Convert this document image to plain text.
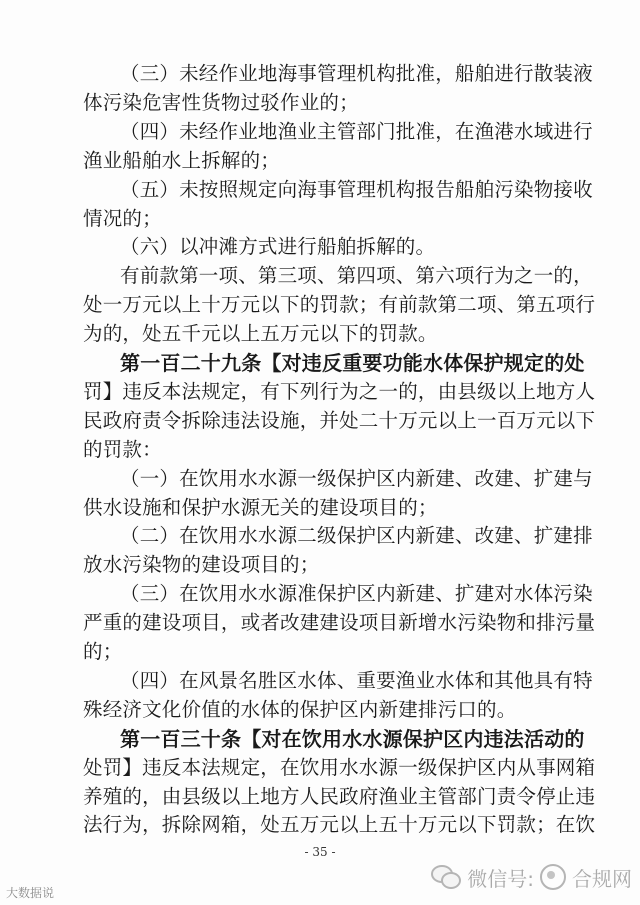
（三）未经作业地海事管理机构批准，船舶进行散装液
体污染危害性货物过驳作业的；
（四）未经作业地渔业主管部门批准，在渔港水域进行
渔业船舶水上拆解的；
（五）未按照规定向海事管理机构报告船舶污染物接收
情况的；
（六）以冲滩方式进行船舶拆解的。
有前款第一项、第三项、第四项、第六项行为之一的，
处一万元以上十万元以下的罚款；有前款第二项、第五项行
为的，处五千元以上五万元以下的罚款。
第一百二十九条【对违反重要功能水体保护规定的处
罚】违反本法规定，有下列行为之一的，由县级以上地方人
民政府责令拆除违法设施，并处二十万元以上一百万元以下
的罚款：
（一）在饮用水水源一级保护区内新建、改建、扩建与
供水设施和保护水源无关的建设项目的；
（二）在饮用水水源二级保护区内新建、改建、扩建排
放水污染物的建设项目的；
（三）在饮用水水源准保护区内新建、扩建对水体污染
严重的建设项目，或者改建建设项目新增水污染物和排污量
的；
（四）在风景名胜区水体、重要渔业水体和其他具有特
殊经济文化价值的水体的保护区内新建排污口的。
第一百三十条【对在饮用水水源保护区内违法活动的
- 35 -
大数据说
微信号: 合规网
处罚】违反本法规定，在饮用水水源一级保护区内从事网箱
养殖的，由县级以上地方人民政府渔业主管部门责令停止违
法行为，拆除网箱，处五万元以上五十万元以下罚款；在饮
